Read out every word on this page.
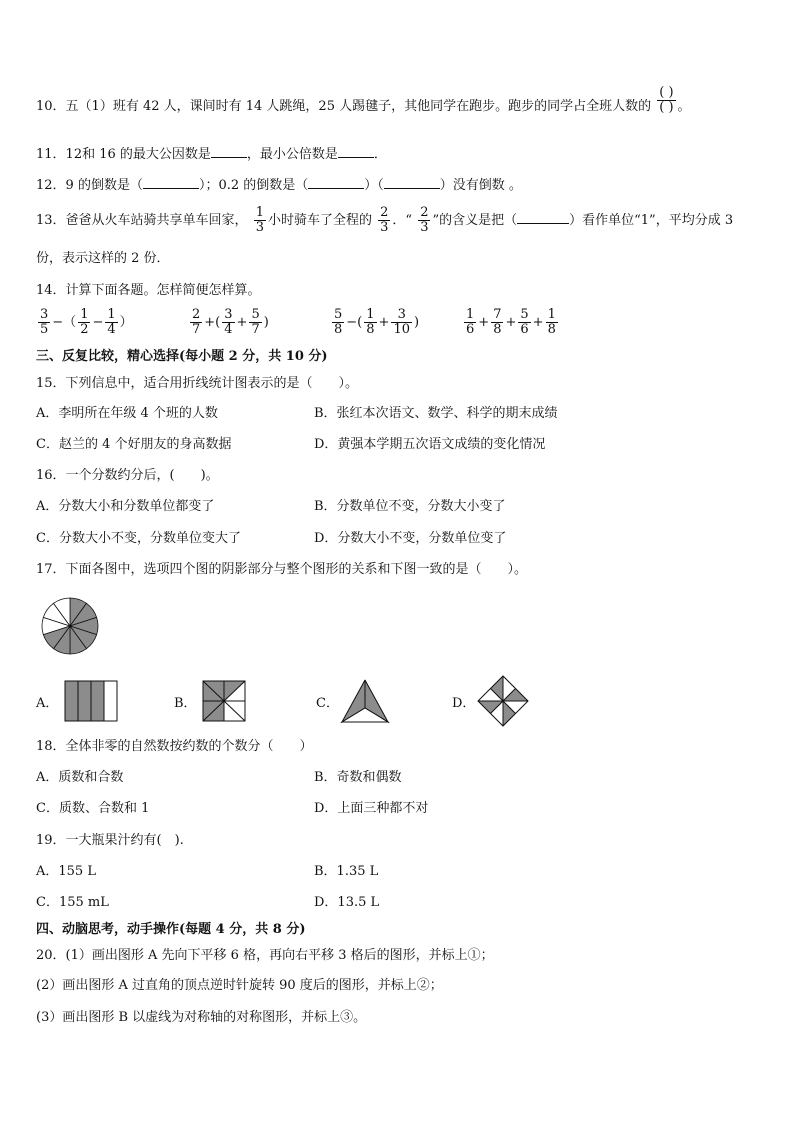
10．五（1）班有 42 人，课间时有 14 人跳绳，25 人踢毽子，其他同学在跑步。跑步的同学占全班人数的 $\frac{( )}{( )}$ 。
11．12和 16 的最大公因数是	，最小公倍数是	．
12．9 的倒数是（	）；0.2 的倒数是（	）（	）没有倒数 。
13．爸爸从火车站骑共享单车回家， $\frac{1}{3}$ 小时骑车了全程的 $\frac{2}{3}$ ．“ $\frac{2}{3}$ ”的含义是把（	）看作单位“1”，平均分成 3
份，表示这样的 2 份．
14．计算下面各题。怎样简便怎样算。
$\frac{3}{5}$ −（ $\frac{1}{2} - \frac{1}{4}$ ）	$\frac{2}{7}$ +( $\frac{3}{4} + \frac{5}{7}$ )	$\frac{5}{8}$ −( $\frac{1}{8} + \frac{3}{10}$ )	$\frac{1}{6} + \frac{7}{8} + \frac{5}{6} + \frac{1}{8}$
三、反复比较，精心选择(每小题 2 分，共 10 分)
15．下列信息中，适合用折线统计图表示的是（　　）。
A．李明所在年级 4 个班的人数	B．张红本次语文、数学、科学的期末成绩
C．赵兰的 4 个好朋友的身高数据	D．黄强本学期五次语文成绩的变化情况
16．一个分数约分后，(　　)。
A．分数大小和分数单位都变了	B．分数单位不变，分数大小变了
C．分数大小不变，分数单位变大了	D．分数大小不变，分数单位变了
17．下面各图中，选项四个图的阴影部分与整个图形的关系和下图一致的是（　　）。
A．	B．	C．	D．
18．全体非零的自然数按约数的个数分（　　）
A．质数和合数	B．奇数和偶数
C．质数、合数和 1	D．上面三种都不对
19．一大瓶果汁约有(　).
A．155 L	B．1.35 L
C．155 mL	D．13.5 L
四、动脑思考，动手操作(每题 4 分，共 8 分)
20．(1）画出图形 A 先向下平移 6 格，再向右平移 3 格后的图形，并标上①；
(2）画出图形 A 过直角的顶点逆时针旋转 90 度后的图形，并标上②；
(3）画出图形 B 以虚线为对称轴的对称图形，并标上③。
